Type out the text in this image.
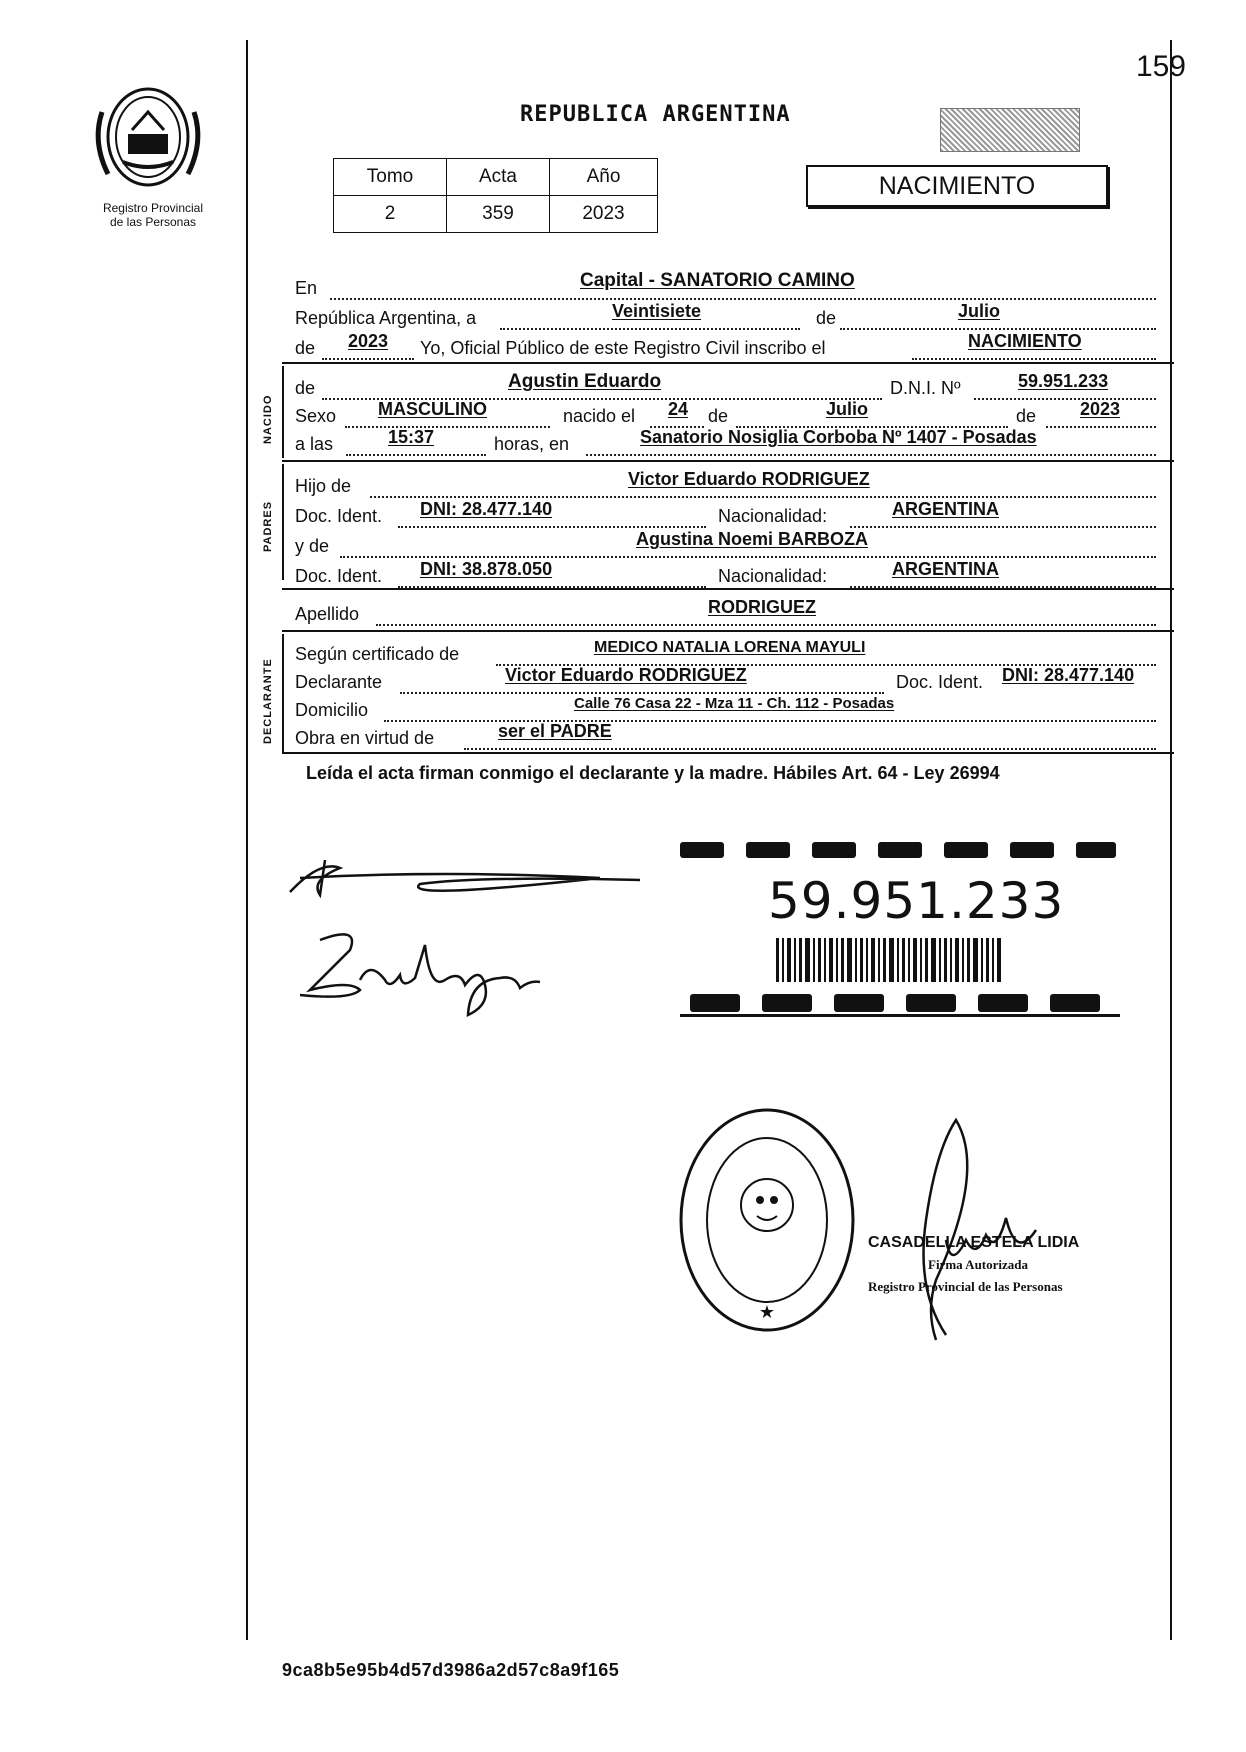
159
Registro Provincial
de las Personas
REPUBLICA ARGENTINA
Tomo	Acta	Año
2	359	2023
NACIMIENTO
En	Capital - SANATORIO CAMINO
República Argentina, a	Veintisiete	de	Julio
de 2023 Yo, Oficial Público de este Registro Civil inscribo el	NACIMIENTO
NACIDO
de	Agustin Eduardo	D.N.I. Nº	59.951.233
Sexo MASCULINO	nacido el 24 de	Julio	de 2023
a las	15:37	horas, en	Sanatorio Nosiglia Corboba Nº 1407 - Posadas
PADRES
Hijo de	Victor Eduardo RODRIGUEZ
Doc. Ident. DNI: 28.477.140	Nacionalidad:	ARGENTINA
y de	Agustina Noemi BARBOZA
Doc. Ident. DNI: 38.878.050	Nacionalidad:	ARGENTINA
Apellido	RODRIGUEZ
DECLARANTE
Según certificado de	MEDICO NATALIA LORENA MAYULI
Declarante	Victor Eduardo RODRIGUEZ	Doc. Ident. DNI: 28.477.140
Domicilio	Calle 76 Casa 22 - Mza 11 - Ch. 112 - Posadas
Obra en virtud de	ser el PADRE
Leída el acta firman conmigo el declarante y la madre. Hábiles Art. 64 - Ley 26994
59.951.233
★
CASADELLA ESTELA LIDIA
Firma Autorizada
Registro Provincial de las Personas
9ca8b5e95b4d57d3986a2d57c8a9f165
